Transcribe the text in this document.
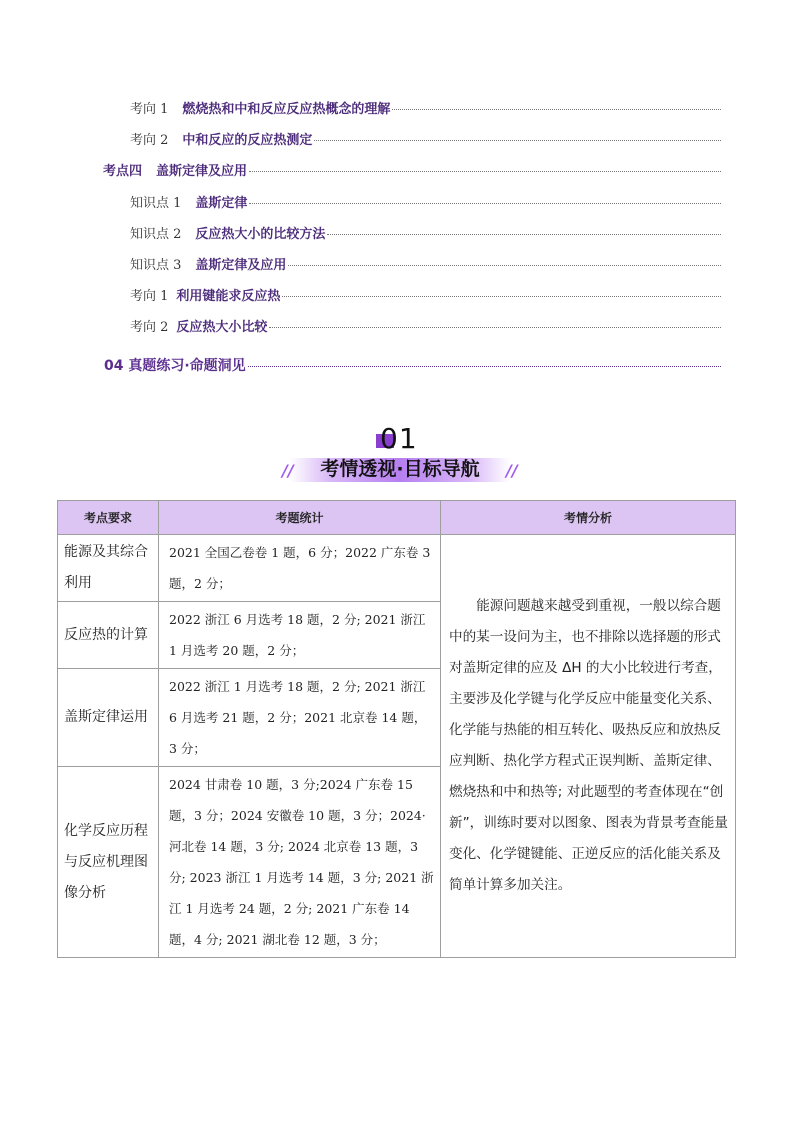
考向 1 燃烧热和中和反应反应热概念的理解
考向 2 中和反应的反应热测定
考点四 盖斯定律及应用
知识点 1 盖斯定律
知识点 2 反应热大小的比较方法
知识点 3 盖斯定律及应用
考向 1 利用键能求反应热
考向 2 反应热大小比较
04 真题练习·命题洞见
01
//	考情透视·目标导航	//
考点要求	考题统计	考情分析
能源及其综合利用	2021 全国乙卷卷 1 题，6 分；2022 广东卷 3 题，2 分；	能源问题越来越受到重视，一般以综合题中的某一设问为主，也不排除以选择题的形式对盖斯定律的应及 ΔH 的大小比较进行考查，主要涉及化学键与化学反应中能量变化关系、化学能与热能的相互转化、吸热反应和放热反应判断、热化学方程式正误判断、盖斯定律、燃烧热和中和热等; 对此题型的考查体现在“创新”，训练时要对以图象、图表为背景考查能量变化、化学键键能、正逆反应的活化能关系及简单计算多加关注。
反应热的计算	2022 浙江 6 月选考 18 题，2 分; 2021 浙江 1 月选考 20 题，2 分；	
盖斯定律运用	2022 浙江 1 月选考 18 题，2 分; 2021 浙江 6 月选考 21 题，2 分；2021 北京卷 14 题，3 分；	
化学反应历程与反应机理图像分析	2024 甘肃卷 10 题，3 分;2024 广东卷 15 题，3 分；2024 安徽卷 10 题，3 分；2024·河北卷 14 题，3 分; 2024 北京卷 13 题，3 分; 2023 浙江 1 月选考 14 题，3 分; 2021 浙江 1 月选考 24 题，2 分; 2021 广东卷 14 题，4 分; 2021 湖北卷 12 题，3 分；	
